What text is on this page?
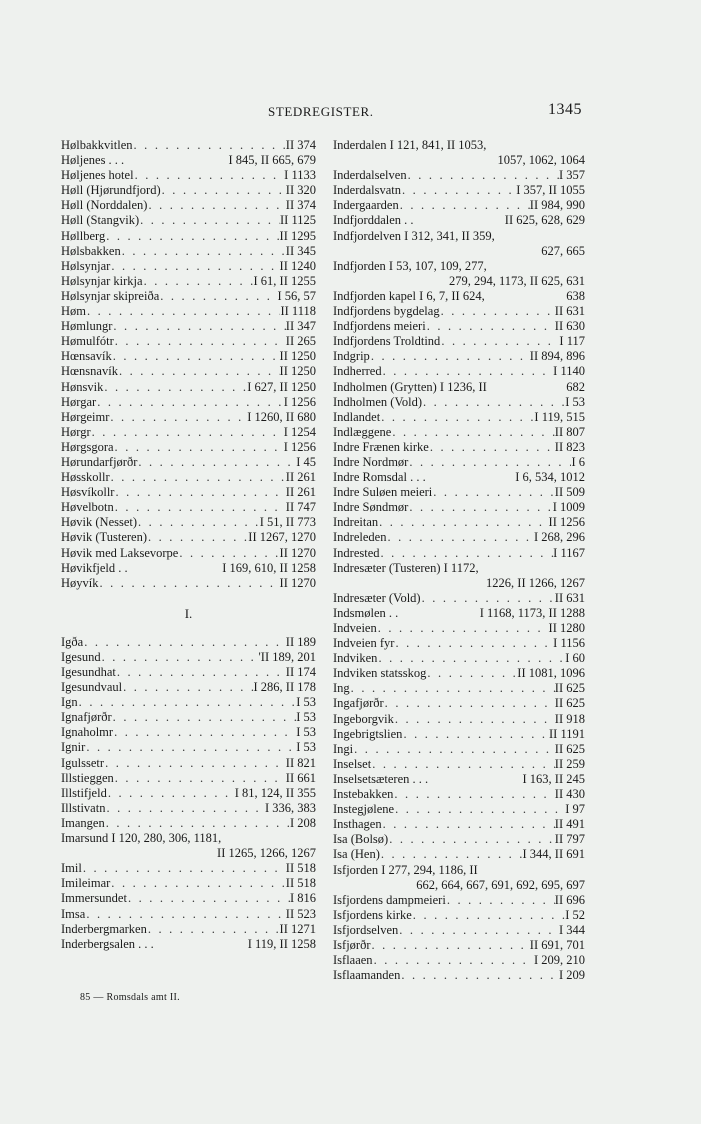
STEDREGISTER.	1345
Hølbakkvitlen . . .	II 374
Høljenes . . .	I 845, II 665, 679
Høljenes hotel . . .	I 1133
Høll (Hjørundfjord) . . .	II 320
Høll (Norddalen) . . .	II 374
Høll (Stangvik) . . .	II 1125
Høllberg . . .	II 1295
Hølsbakken . . .	II 345
Hølsynjar . . .	II 1240
Hølsynjar kirkja . . .	I 61, II 1255
Hølsynjar skipreiða . . .	I 56, 57
Høm . . .	II 1118
Hømlungr . . .	II 347
Hømulfótr . . .	II 265
Hœnsavík . . .	II 1250
Hœnsnavík . . .	II 1250
Hønsvik . . .	I 627, II 1250
Hørgar . . .	I 1256
Hørgeimr . . .	I 1260, II 680
Hørgr . . .	I 1254
Hørgsgora . . .	I 1256
Hørundarfjørðr . . .	I 45
Høsskollr . . .	II 261
Høsvíkollr . . .	II 261
Høvelbotn . . .	II 747
Høvik (Nesset) . . .	I 51, II 773
Høvik (Tusteren) . . .	II 1267, 1270
Høvik med Laksevorpe . . .	II 1270
Høvikfjeld . .	I 169, 610, II 1258
Høyvík . . .	II 1270
I.
Igða . . .	II 189
Igesund . . .	'II 189, 201
Igesundhat . . .	II 174
Igesundvaul . . .	I 286, II 178
Ign . . .	I 53
Ignafjørðr . . .	I 53
Ignaholmr . . .	I 53
Ignir . . .	I 53
Igulssetr . . .	II 821
Illstieggen . . .	II 661
Illstifjeld . . .	I 81, 124, II 355
Illstivatn . . .	I 336, 383
Imangen . . .	I 208
Imarsund I 120, 280, 306, 1181,
II 1265, 1266, 1267
Imil . . .	II 518
Imileimar . . .	II 518
Immersundet . . .	I 816
Imsa . . .	II 523
Inderbergmarken . . .	II 1271
Inderbergsalen . . .	I 119, II 1258
Inderdalen I 121, 841, II 1053,
1057, 1062, 1064
Inderdalselven . . .	I 357
Inderdalsvatn . . .	I 357, II 1055
Indergaarden . . .	II 984, 990
Indfjorddalen . .	II 625, 628, 629
Indfjordelven I 312, 341, II 359,
627, 665
Indfjorden I 53, 107, 109, 277,
279, 294, 1173, II 625, 631
Indfjorden kapel I 6, 7, II 624,	638
Indfjordens bygdelag . . .	II 631
Indfjordens meieri . . .	II 630
Indfjordens Troldtind . . .	I 117
Indgrip . . .	II 894, 896
Indherred . . .	I 1140
Indholmen (Grytten) I 1236, II	682
Indholmen (Vold) . . .	I 53
Indlandet . . .	I 119, 515
Indlæggene . . .	II 807
Indre Frænen kirke . . .	II 823
Indre Nordmør . . .	I 6
Indre Romsdal . . .	I 6, 534, 1012
Indre Suløen meieri . . .	II 509
Indre Søndmør . . .	I 1009
Indreitan . . .	II 1256
Indreleden . . .	I 268, 296
Indrested . . .	I 1167
Indresæter (Tusteren) I 1172,
1226, II 1266, 1267
Indresæter (Vold) . . .	II 631
Indsmølen . .	I 1168, 1173, II 1288
Indveien . . .	II 1280
Indveien fyr . . .	I 1156
Indviken . . .	I 60
Indviken statsskog . . .	II 1081, 1096
Ing . . .	II 625
Ingafjørðr . . .	II 625
Ingeborgvik . . .	II 918
Ingebrigtslien . . .	II 1191
Ingi . . .	II 625
Inselset . . .	II 259
Inselsetsæteren . . .	I 163, II 245
Instebakken . . .	II 430
Instegjølene . . .	I 97
Insthagen . . .	II 491
Isa (Bolsø) . . .	II 797
Isa (Hen) . . .	I 344, II 691
Isfjorden I 277, 294, 1186, II
662, 664, 667, 691, 692, 695, 697
Isfjordens dampmeieri . . .	II 696
Isfjordens kirke . . .	I 52
Isfjordselven . . .	I 344
Isfjørðr . . .	II 691, 701
Isflaaen . . .	I 209, 210
Isflaamanden . . .	I 209
85 — Romsdals amt II.
